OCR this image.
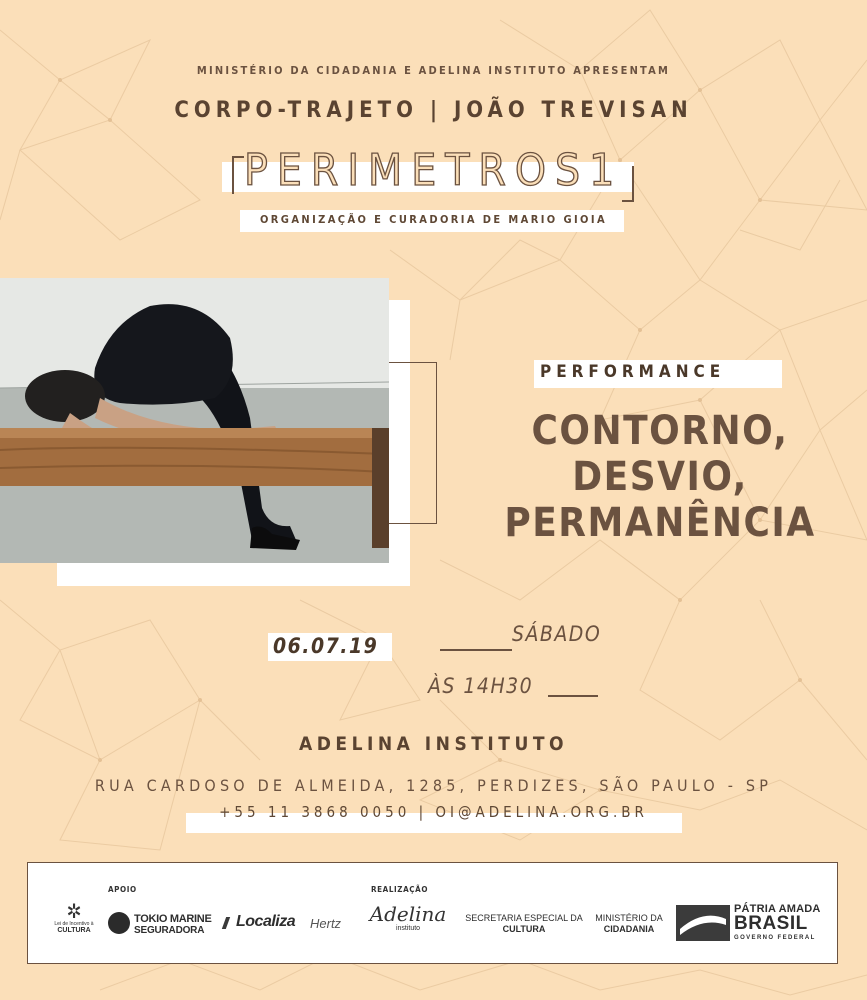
MINISTÉRIO DA CIDADANIA E ADELINA INSTITUTO APRESENTAM
CORPO-TRAJETO | JOÃO TREVISAN
PERIMETROS1
ORGANIZAÇÃO E CURADORIA DE MARIO GIOIA
PERFORMANCE
CONTORNO, DESVIO,
PERMANÊNCIA
06.07.19	SÁBADO
ÀS 14H30
ADELINA INSTITUTO
RUA CARDOSO DE ALMEIDA, 1285, PERDIZES, SÃO PAULO - SP
+55 11 3868 0050 | OI@ADELINA.ORG.BR
APOIO	REALIZAÇÃO
✲
Lei de Incentivo à
CULTURA
TOKIO MARINE
SEGURADORA
Localiza Hertz Adelina
instituto
SECRETARIA ESPECIAL DA
CULTURA
MINISTÉRIO DA
CIDADANIA
PÁTRIA AMADA
BRASIL
GOVERNO FEDERAL
